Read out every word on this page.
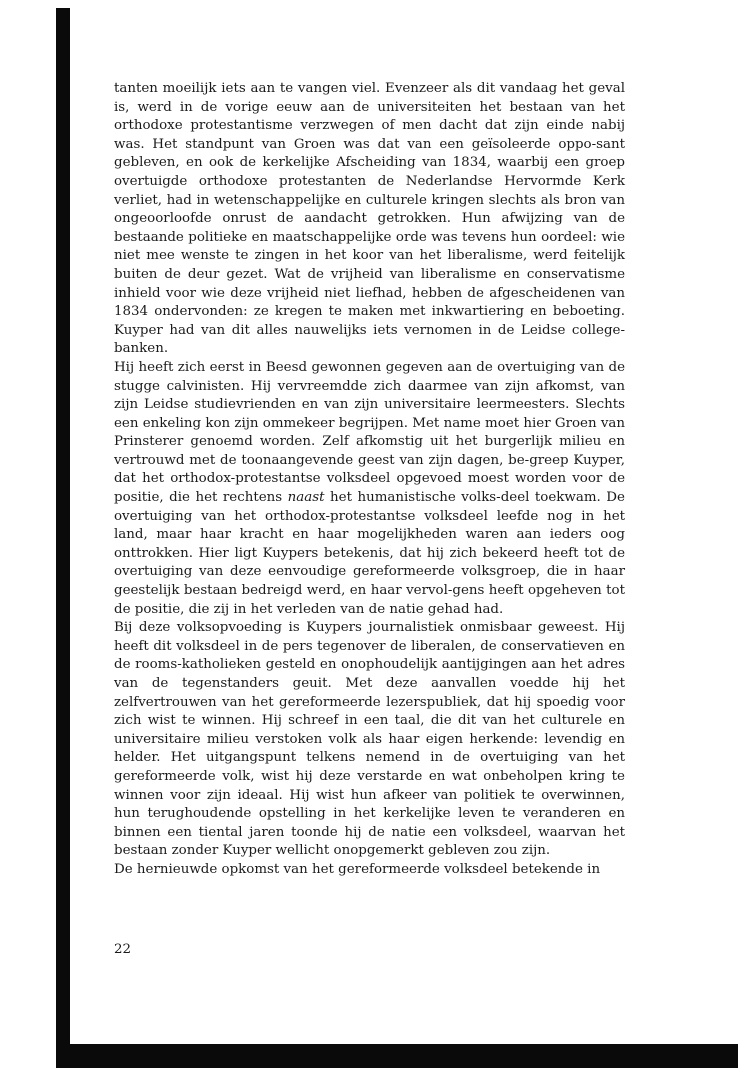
tanten moeilijk iets aan te vangen viel. Evenzeer als dit vandaag het geval is, werd in de vorige eeuw aan de universiteiten het bestaan van het orthodoxe protestantisme verzwegen of men dacht dat zijn einde nabij was. Het standpunt van Groen was dat van een geïsoleerde oppo-sant gebleven, en ook de kerkelijke Afscheiding van 1834, waarbij een groep overtuigde orthodoxe protestanten de Nederlandse Hervormde Kerk verliet, had in wetenschappelijke en culturele kringen slechts als bron van ongeoorloofde onrust de aandacht getrokken. Hun afwijzing van de bestaande politieke en maatschappelijke orde was tevens hun oordeel: wie niet mee wenste te zingen in het koor van het liberalisme, werd feitelijk buiten de deur gezet. Wat de vrijheid van liberalisme en conservatisme inhield voor wie deze vrijheid niet liefhad, hebben de afgescheidenen van 1834 ondervonden: ze kregen te maken met inkwartiering en beboeting. Kuyper had van dit alles nauwelijks iets vernomen in de Leidse college-banken.

Hij heeft zich eerst in Beesd gewonnen gegeven aan de overtuiging van de stugge calvinisten. Hij vervreemdde zich daarmee van zijn afkomst, van zijn Leidse studievrienden en van zijn universitaire leermeesters. Slechts een enkeling kon zijn ommekeer begrijpen. Met name moet hier Groen van Prinsterer genoemd worden. Zelf afkomstig uit het burgerlijk milieu en vertrouwd met de toonaangevende geest van zijn dagen, be-greep Kuyper, dat het orthodox-protestantse volksdeel opgevoed moest worden voor de positie, die het rechtens naast het humanistische volks-deel toekwam. De overtuiging van het orthodox-protestantse volksdeel leefde nog in het land, maar haar kracht en haar mogelijkheden waren aan ieders oog onttrokken. Hier ligt Kuypers betekenis, dat hij zich bekeerd heeft tot de overtuiging van deze eenvoudige gereformeerde volksgroep, die in haar geestelijk bestaan bedreigd werd, en haar vervol-gens heeft opgeheven tot de positie, die zij in het verleden van de natie gehad had.

Bij deze volksopvoeding is Kuypers journalistiek onmisbaar geweest. Hij heeft dit volksdeel in de pers tegenover de liberalen, de conservatieven en de rooms-katholieken gesteld en onophoudelijk aantijgingen aan het adres van de tegenstanders geuit. Met deze aanvallen voedde hij het zelfvertrouwen van het gereformeerde lezerspubliek, dat hij spoedig voor zich wist te winnen. Hij schreef in een taal, die dit van het culturele en universitaire milieu verstoken volk als haar eigen herkende: levendig en helder. Het uitgangspunt telkens nemend in de overtuiging van het gereformeerde volk, wist hij deze verstarde en wat onbeholpen kring te winnen voor zijn ideaal. Hij wist hun afkeer van politiek te overwinnen, hun terughoudende opstelling in het kerkelijke leven te veranderen en binnen een tiental jaren toonde hij de natie een volksdeel, waarvan het bestaan zonder Kuyper wellicht onopgemerkt gebleven zou zijn.

De hernieuwde opkomst van het gereformeerde volksdeel betekende in

22
